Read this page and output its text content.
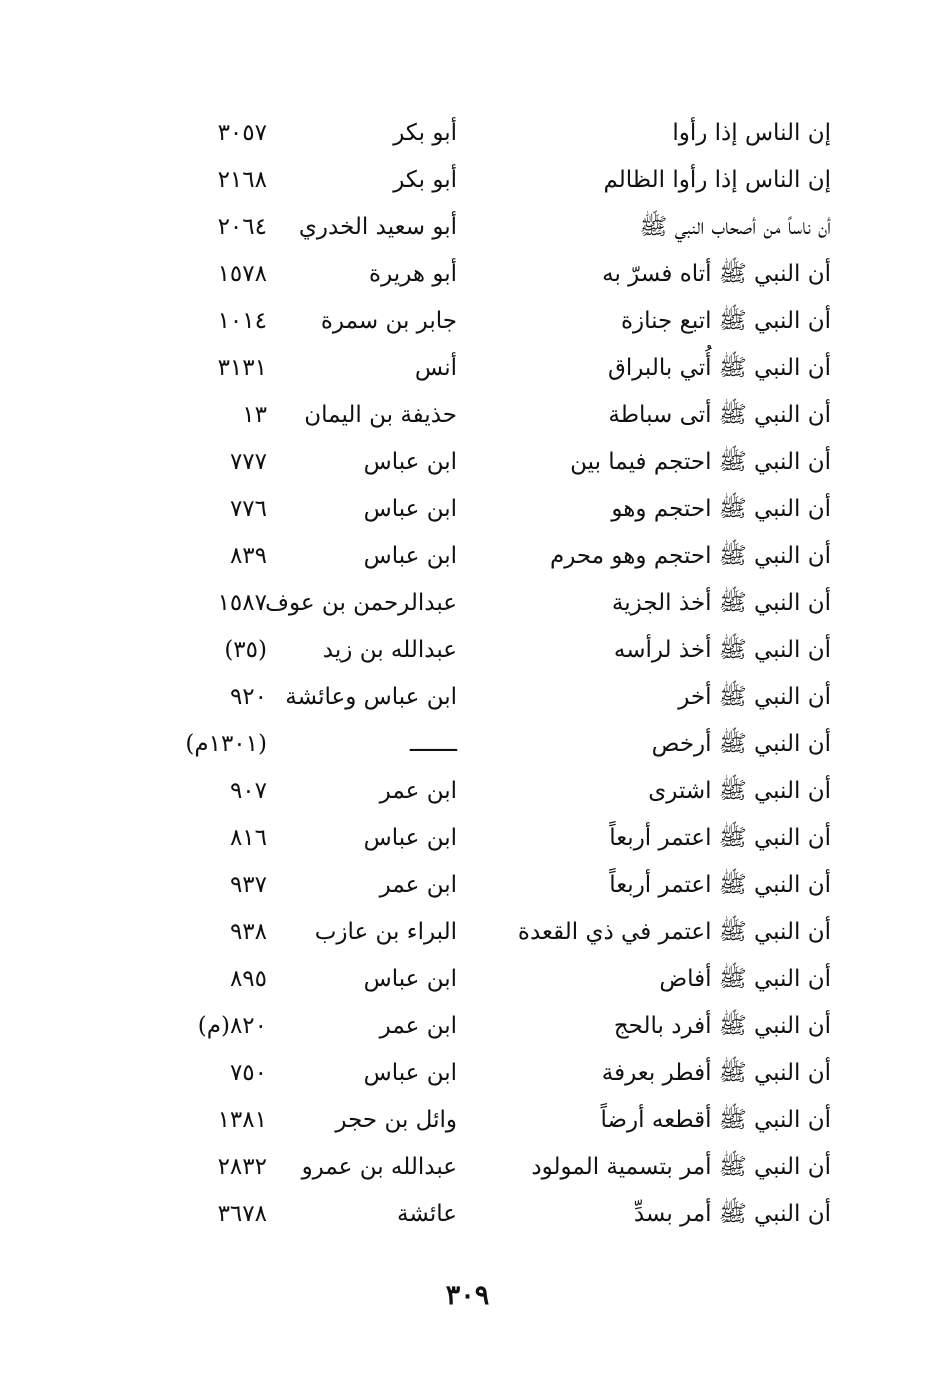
إن الناس إذا رأوا
أبو بكر
٣٠٥٧
إن الناس إذا رأوا الظالم
أبو بكر
٢١٦٨
أن ناساً من أصحاب النبي ﷺ
أبو سعيد الخدري
٢٠٦٤
أن النبي ﷺ أتاه فسرّ به
أبو هريرة
١٥٧٨
أن النبي ﷺ اتبع جنازة
جابر بن سمرة
١٠١٤
أن النبي ﷺ أُتي بالبراق
أنس
٣١٣١
أن النبي ﷺ أتى سباطة
حذيفة بن اليمان
١٣
أن النبي ﷺ احتجم فيما بين
ابن عباس
٧٧٧
أن النبي ﷺ احتجم وهو
ابن عباس
٧٧٦
أن النبي ﷺ احتجم وهو محرم
ابن عباس
٨٣٩
أن النبي ﷺ أخذ الجزية
عبدالرحمن بن عوف
١٥٨٧
أن النبي ﷺ أخذ لرأسه
عبدالله بن زيد
(٣٥)
أن النبي ﷺ أخر
ابن عباس وعائشة
٩٢٠
أن النبي ﷺ أرخص
ـــــــ
(١٣٠١م)
أن النبي ﷺ اشترى
ابن عمر
٩٠٧
أن النبي ﷺ اعتمر أربعاً
ابن عباس
٨١٦
أن النبي ﷺ اعتمر أربعاً
ابن عمر
٩٣٧
أن النبي ﷺ اعتمر في ذي القعدة
البراء بن عازب
٩٣٨
أن النبي ﷺ أفاض
ابن عباس
٨٩٥
أن النبي ﷺ أفرد بالحج
ابن عمر
٨٢٠(م)
أن النبي ﷺ أفطر بعرفة
ابن عباس
٧٥٠
أن النبي ﷺ أقطعه أرضاً
وائل بن حجر
١٣٨١
أن النبي ﷺ أمر بتسمية المولود
عبدالله بن عمرو
٢٨٣٢
أن النبي ﷺ أمر بسدِّ
عائشة
٣٦٧٨
٣٠٩
